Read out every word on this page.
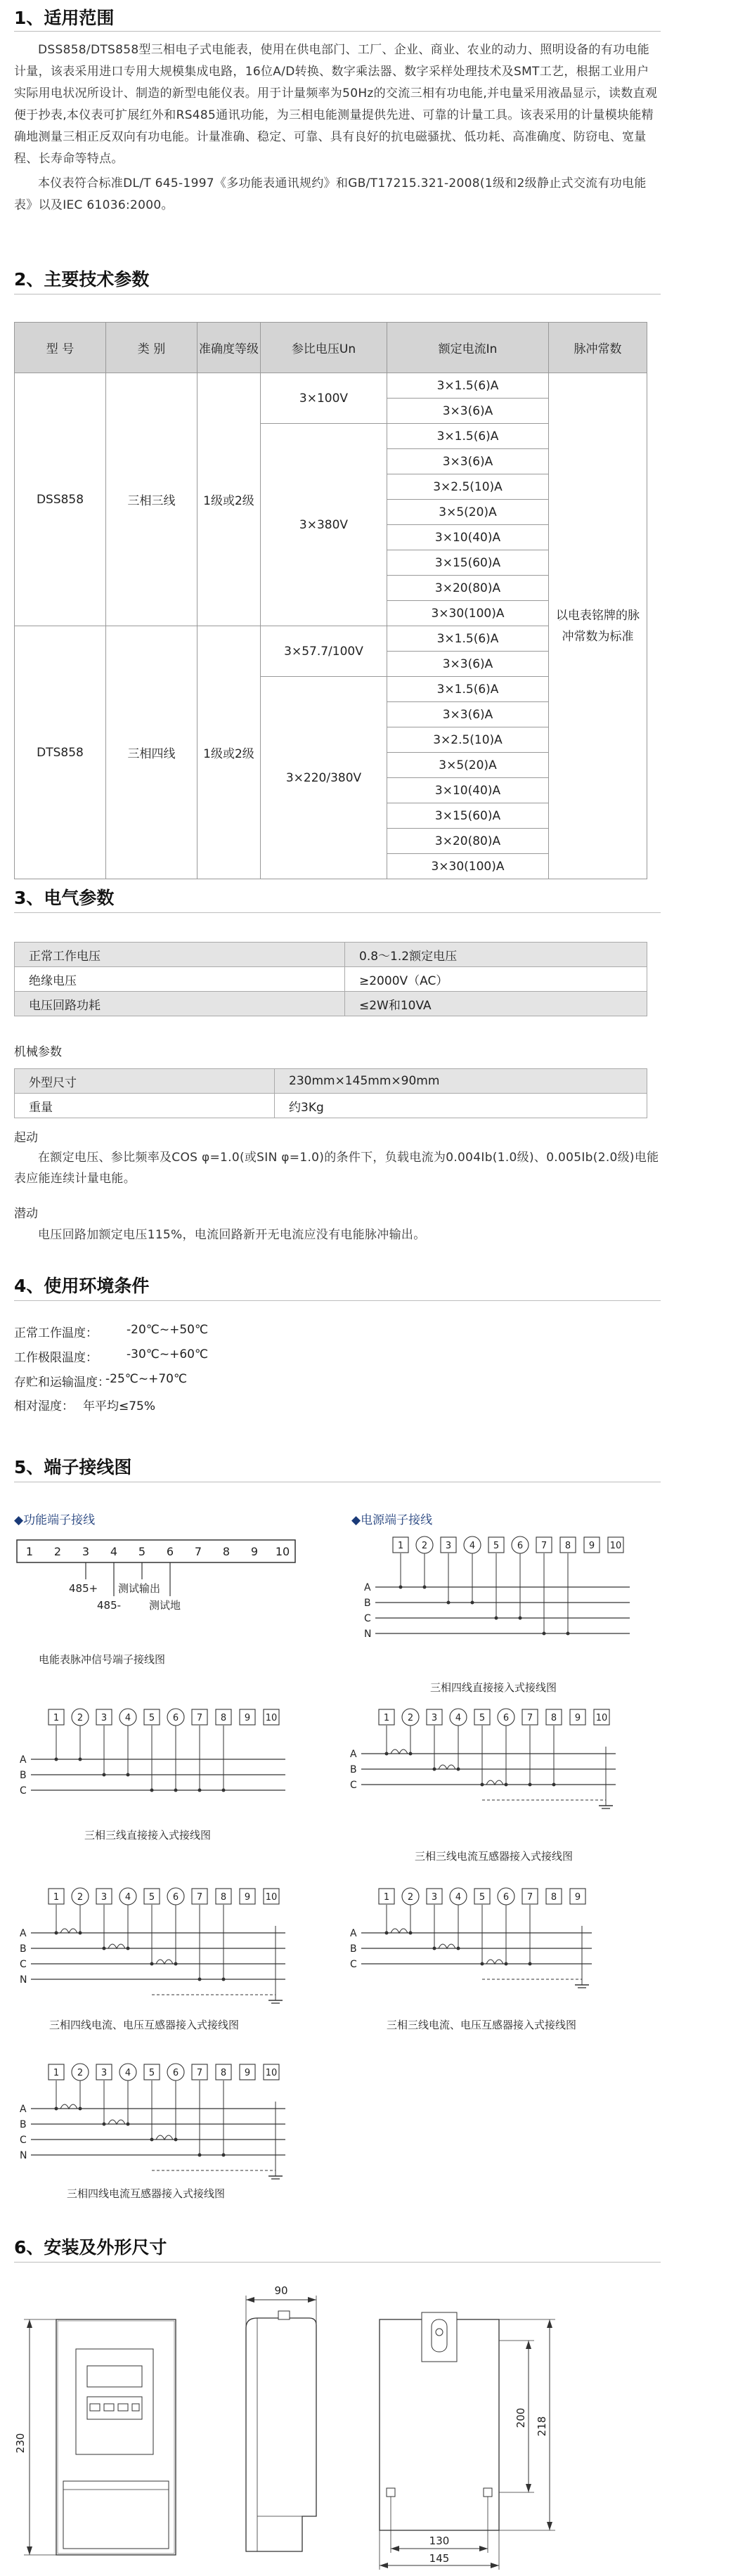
1、适用范围

DSS858/DTS858型三相电子式电能表，使用在供电部门、工厂、企业、商业、农业的动力、照明设备的有功电能计量，该表采用进口专用大规模集成电路，16位A/D转换、数字乘法器、数字采样处理技术及SMT工艺，根据工业用户实际用电状况所设计、制造的新型电能仪表。用于计量频率为50Hz的交流三相有功电能,并电量采用液晶显示，读数直观便于抄表,本仪表可扩展红外和RS485通讯功能，为三相电能测量提供先进、可靠的计量工具。该表采用的计量模块能精确地测量三相正反双向有功电能。计量准确、稳定、可靠、具有良好的抗电磁骚扰、低功耗、高准确度、防窃电、宽量程、长寿命等特点。

本仪表符合标准DL/T 645-1997《多功能表通讯规约》和GB/T17215.321-2008(1级和2级静止式交流有功电能表》以及IEC 61036:2000。

2、主要技术参数
型 号	类 别	准确度等级	参比电压Un	额定电流In	脉冲常数
DSS858	三相三线	1级或2级	3×100V	3×1.5(6)A	以电表铭牌的脉冲常数为标准
				3×3(6)A	
			3×380V	3×1.5(6)A	
				3×3(6)A	
				3×2.5(10)A	
				3×5(20)A	
				3×10(40)A	
				3×15(60)A	
				3×20(80)A	
				3×30(100)A	
DTS858	三相四线	1级或2级	3×57.7/100V	3×1.5(6)A	
				3×3(6)A	
			3×220/380V	3×1.5(6)A	
				3×3(6)A	
				3×2.5(10)A	
				3×5(20)A	
				3×10(40)A	
				3×15(60)A	
				3×20(80)A	
				3×30(100)A	
3、电气参数
正常工作电压	0.8～1.2额定电压
绝缘电压	≥2000V（AC）
电压回路功耗	≤2W和10VA

机械参数

外型尺寸	230mm×145mm×90mm
重量	约3Kg

起动

在额定电压、参比频率及COS φ=1.0(或SIN φ=1.0)的条件下，负载电流为0.004Ib(1.0级)、0.005Ib(2.0级)电能表应能连续计量电能。

潜动

电压回路加额定电压115%，电流回路新开无电流应没有电能脉冲输出。

4、使用环境条件

正常工作温度： -20℃~+50℃

工作极限温度： -30℃~+60℃

存贮和运输温度：

-25℃~+70℃

相对湿度： 年平均≤75%

5、端子接线图

◆功能端子接线	◆电源端子接线

1 2 3 4 5 6 7 8 9 10
485+
485-
测试输出
测试地

电能表脉冲信号端子接线图

1 2 3 4 5 6 7 8 9 10
A
B
C
N

三相四线直接接入式接线图

1 2 3 4 5 6 7 8 9 10
A
B
C

三相三线直接接入式接线图

1 2 3 4 5 6 7 8 9 10
A
B
C

三相三线电流互感器接入式接线图

1 2 3 4 5 6 7 8 9 10
A
B
C
N

三相四线电流、电压互感器接入式接线图

1 2 3 4 5 6 7 8 9
A
B
C

三相三线电流、电压互感器接入式接线图

1 2 3 4 5 6 7 8 9 10
A
B
C
N

三相四线电流互感器接入式接线图

6、安装及外形尺寸
230
90
200 218
130
145
